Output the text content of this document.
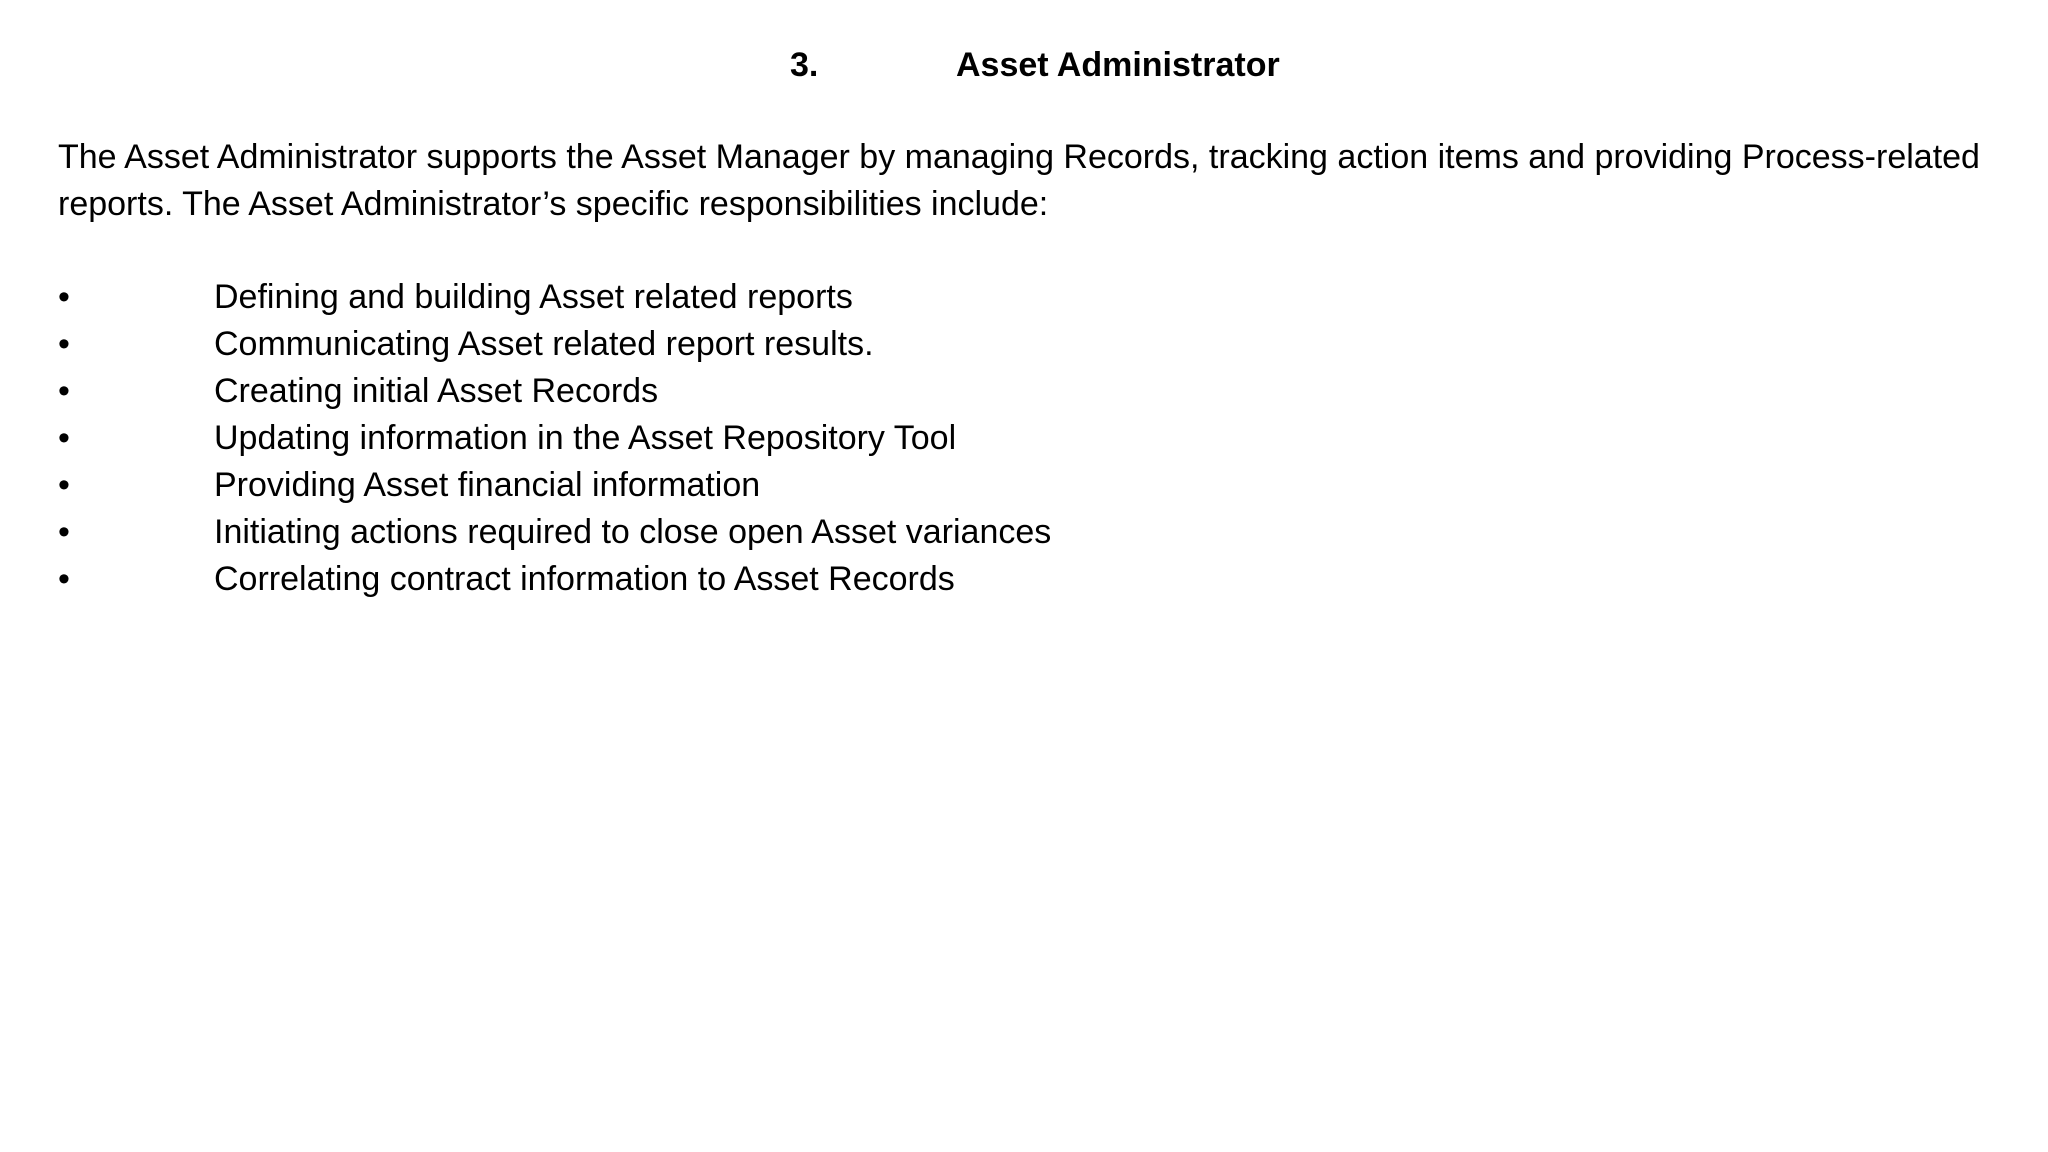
3.	Asset Administrator

The Asset Administrator supports the Asset Manager by managing Records, tracking action items and providing Process-related reports. The Asset Administrator’s specific responsibilities include:

•	Defining and building Asset related reports
•	Communicating Asset related report results.
•	Creating initial Asset Records
•	Updating information in the Asset Repository Tool
•	Providing Asset financial information
•	Initiating actions required to close open Asset variances
•	Correlating contract information to Asset Records
